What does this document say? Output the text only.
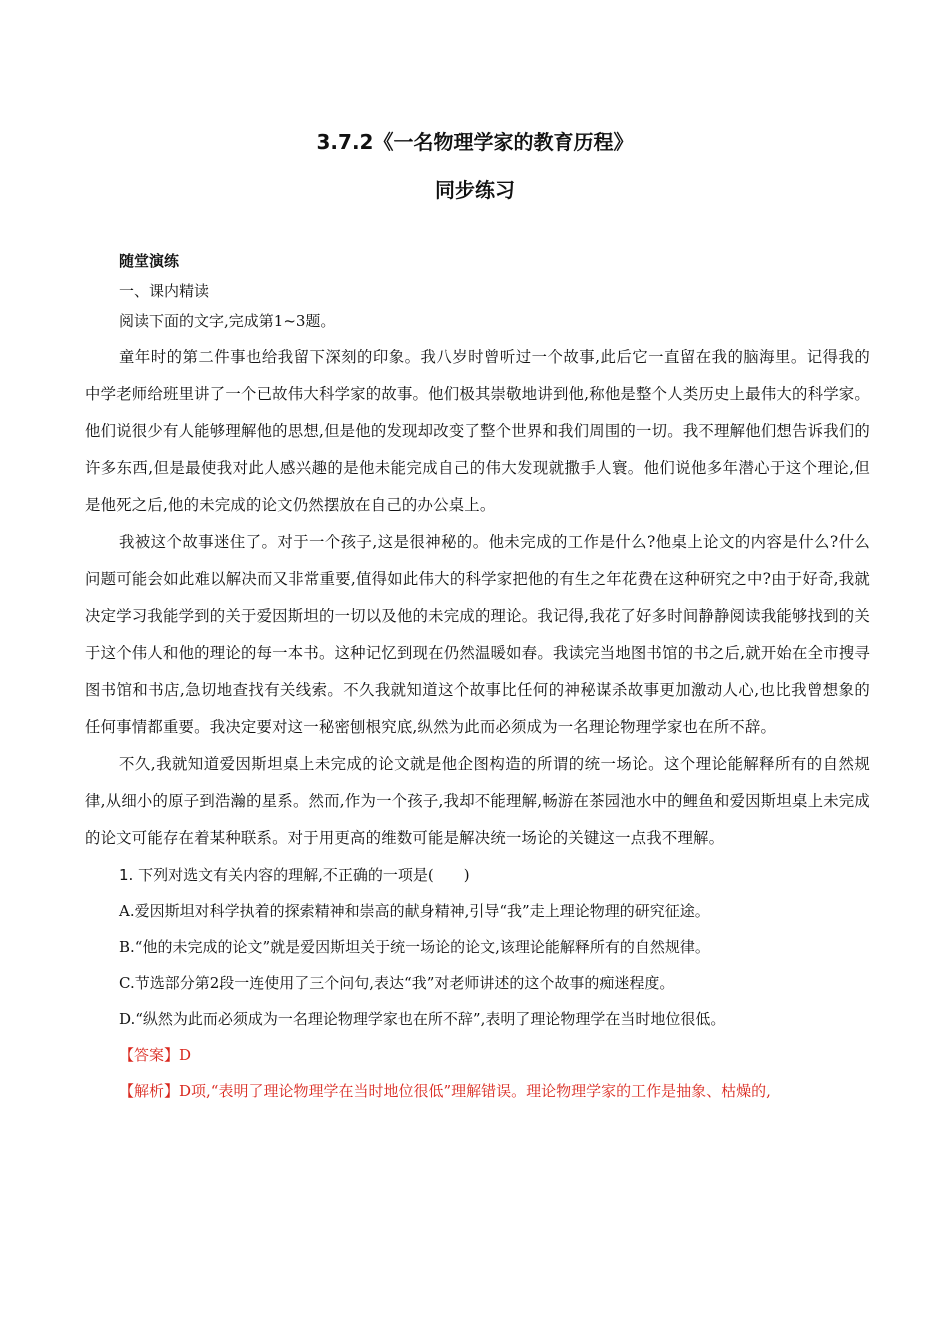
3.7.2《一名物理学家的教育历程》
同步练习
随堂演练
一、课内精读
阅读下面的文字,完成第1~3题。

童年时的第二件事也给我留下深刻的印象。我八岁时曾听过一个故事,此后它一直留在我的脑海里。记得我的中学老师给班里讲了一个已故伟大科学家的故事。他们极其崇敬地讲到他,称他是整个人类历史上最伟大的科学家。他们说很少有人能够理解他的思想,但是他的发现却改变了整个世界和我们周围的一切。我不理解他们想告诉我们的许多东西,但是最使我对此人感兴趣的是他未能完成自己的伟大发现就撒手人寰。他们说他多年潜心于这个理论,但是他死之后,他的未完成的论文仍然摆放在自己的办公桌上。

我被这个故事迷住了。对于一个孩子,这是很神秘的。他未完成的工作是什么?他桌上论文的内容是什么?什么问题可能会如此难以解决而又非常重要,值得如此伟大的科学家把他的有生之年花费在这种研究之中?由于好奇,我就决定学习我能学到的关于爱因斯坦的一切以及他的未完成的理论。我记得,我花了好多时间静静阅读我能够找到的关于这个伟人和他的理论的每一本书。这种记忆到现在仍然温暖如春。我读完当地图书馆的书之后,就开始在全市搜寻图书馆和书店,急切地查找有关线索。不久我就知道这个故事比任何的神秘谋杀故事更加激动人心,也比我曾想象的任何事情都重要。我决定要对这一秘密刨根究底,纵然为此而必须成为一名理论物理学家也在所不辞。

不久,我就知道爱因斯坦桌上未完成的论文就是他企图构造的所谓的统一场论。这个理论能解释所有的自然规律,从细小的原子到浩瀚的星系。然而,作为一个孩子,我却不能理解,畅游在茶园池水中的鲤鱼和爱因斯坦桌上未完成的论文可能存在着某种联系。对于用更高的维数可能是解决统一场论的关键这一点我不理解。

1. 下列对选文有关内容的理解,不正确的一项是(　　)
A.爱因斯坦对科学执着的探索精神和崇高的献身精神,引导“我”走上理论物理的研究征途。
B.“他的未完成的论文”就是爱因斯坦关于统一场论的论文,该理论能解释所有的自然规律。
C.节选部分第2段一连使用了三个问句,表达“我”对老师讲述的这个故事的痴迷程度。
D.“纵然为此而必须成为一名理论物理学家也在所不辞”,表明了理论物理学在当时地位很低。
【答案】D
【解析】D项,“表明了理论物理学在当时地位很低”理解错误。理论物理学家的工作是抽象、枯燥的,
